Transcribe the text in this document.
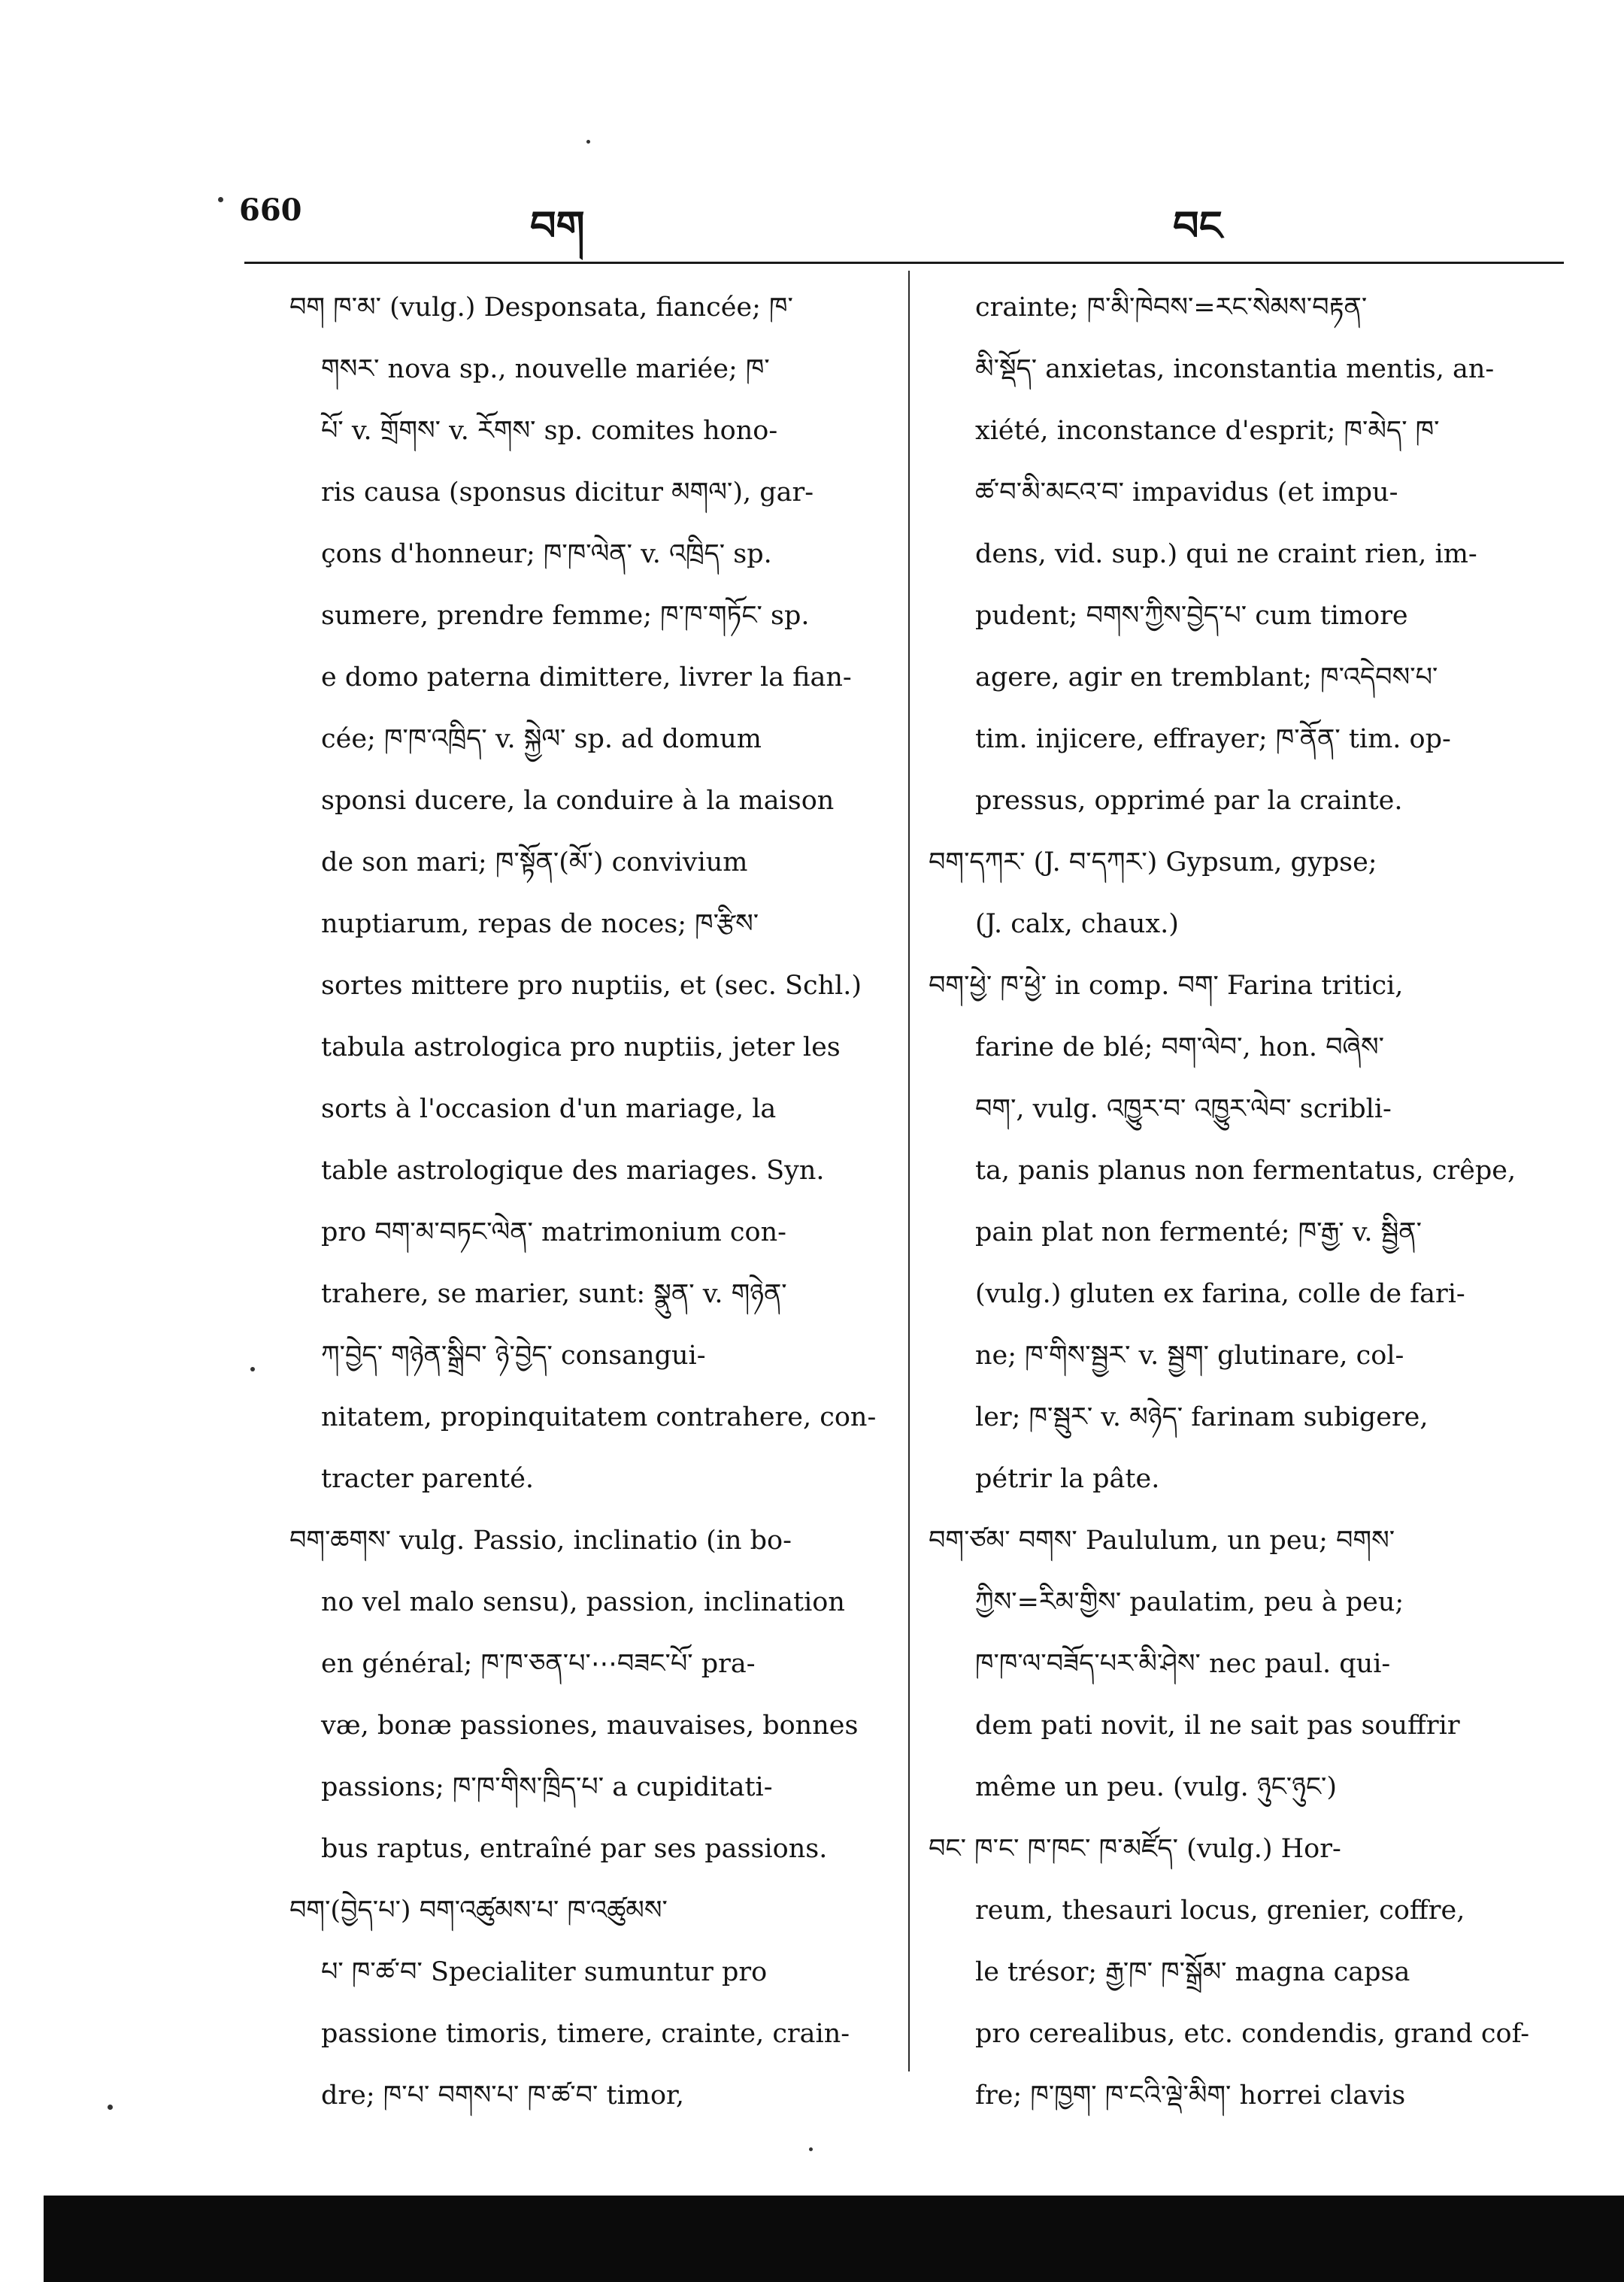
660	བག	བང
བག ཁ་མ་ (vulg.) Desponsata, fiancée; ཁ་
གསར་ nova sp., nouvelle mariée; ཁ་
པོ་ v. གྲོགས་ v. རོགས་ sp. comites hono-
ris causa (sponsus dicitur མགལ་), gar-
çons d'honneur; ཁ་ཁ་ལེན་ v. འཁྲིད་ sp.
sumere, prendre femme; ཁ་ཁ་གཏོང་ sp.
e domo paterna dimittere, livrer la fian-
cée; ཁ་ཁ་འཁྲིད་ v. སྐྱེལ་ sp. ad domum
sponsi ducere, la conduire à la maison
de son mari; ཁ་སྟོན་(མོ་) convivium
nuptiarum, repas de noces; ཁ་རྩིས་
sortes mittere pro nuptiis, et (sec. Schl.)
tabula astrologica pro nuptiis, jeter les
sorts à l'occasion d'un mariage, la
table astrologique des mariages. Syn.
pro བག་མ་བཏང་ལེན་ matrimonium con-
trahere, se marier, sunt: སྣུན་ v. གཉེན་
ཀ་བྱེད་ གཉེན་སྒྲིབ་ ཉེ་བྱེད་ consangui-
nitatem, propinquitatem contrahere, con-
tracter parenté.
བག་ཆགས་ vulg. Passio, inclinatio (in bo-
no vel malo sensu), passion, inclination
en général; ཁ་ཁ་ཅན་པ་⋯བཟང་པོ་ pra-
væ, bonæ passiones, mauvaises, bonnes
passions; ཁ་ཁ་གིས་ཁྲིད་པ་ a cupiditati-
bus raptus, entraîné par ses passions.
བག་(བྱེད་པ་) བག་འཚུམས་པ་ ཁ་འཚུམས་
པ་ ཁ་ཚ་བ་ Specialiter sumuntur pro
passione timoris, timere, crainte, crain-
dre; ཁ་པ་ བགས་པ་ ཁ་ཚ་བ་ timor,
crainte; ཁ་མི་ཁེབས་=རང་སེམས་བརྟན་
མི་སྡོད་ anxietas, inconstantia mentis, an-
xiété, inconstance d'esprit; ཁ་མེད་ ཁ་
ཚ་བ་མི་མངའ་བ་ impavidus (et impu-
dens, vid. sup.) qui ne craint rien, im-
pudent; བགས་ཀྱིས་བྱེད་པ་ cum timore
agere, agir en tremblant; ཁ་འདེབས་པ་
tim. injicere, effrayer; ཁ་ནོན་ tim. op-
pressus, opprimé par la crainte.
བག་དཀར་ (J. བ་དཀར་) Gypsum, gypse;
(J. calx, chaux.)
བག་ཕྱེ་ ཁ་ཕྱེ་ in comp. བག་ Farina tritici,
farine de blé; བག་ལེབ་, hon. བཞེས་
བག་, vulg. འཁྱུར་བ་ འཁྱུར་ལེབ་ scribli-
ta, panis planus non fermentatus, crêpe,
pain plat non fermenté; ཁ་རྒྱ་ v. སྦྱིན་
(vulg.) gluten ex farina, colle de fari-
ne; ཁ་གིས་སྦྱར་ v. སྦྱག་ glutinare, col-
ler; ཁ་སྦུར་ v. མཉེད་ farinam subigere,
pétrir la pâte.
བག་ཙམ་ བགས་ Paululum, un peu; བགས་
ཀྱིས་=རིམ་གྱིས་ paulatim, peu à peu;
ཁ་ཁ་ལ་བཟོད་པར་མི་ཤེས་ nec paul. qui-
dem pati novit, il ne sait pas souffrir
même un peu. (vulg. ཉུང་ཉུང་)
བང་ ཁ་ང་ ཁ་ཁང་ ཁ་མཛོད་ (vulg.) Hor-
reum, thesauri locus, grenier, coffre,
le trésor; རྒྱ་ཁ་ ཁ་སྒྲོམ་ magna capsa
pro cerealibus, etc. condendis, grand cof-
fre; ཁ་ཁྱག་ ཁ་ངའི་ལྡེ་མིག་ horrei clavis
